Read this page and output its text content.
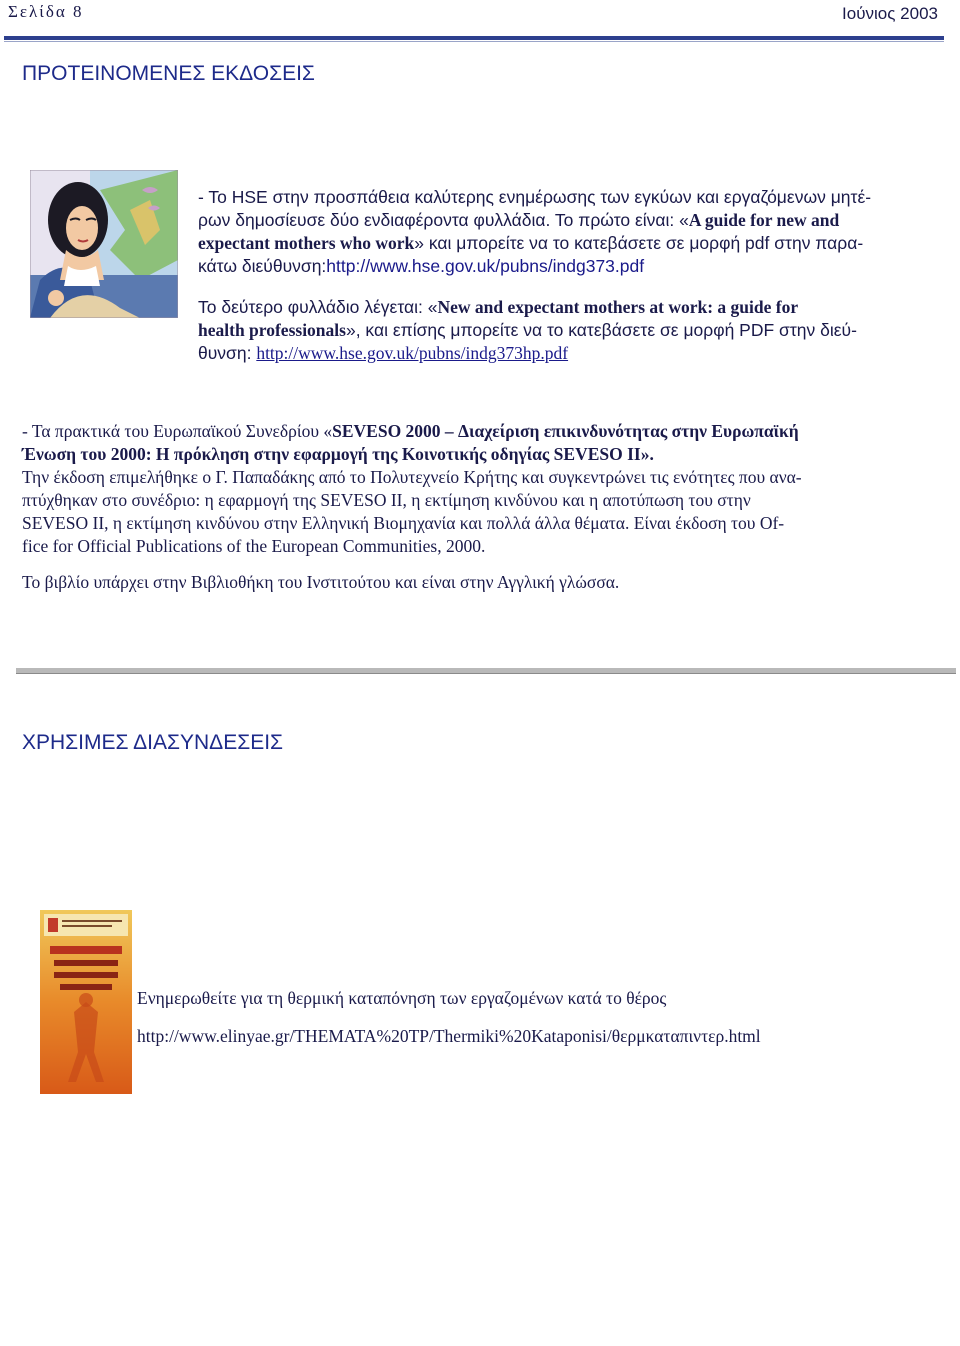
Σελίδα 8	Ιούνιος 2003
ΠΡΟΤΕΙΝΟΜΕΝΕΣ ΕΚΔΟΣΕΙΣ
- Το HSE στην προσπάθεια καλύτερης ενημέρωσης των εγκύων και εργαζόμενων μητέ-
ρων δημοσίευσε δύο ενδιαφέροντα φυλλάδια. Το πρώτο είναι: «A guide for new and
expectant mothers who work» και μπορείτε να το κατεβάσετε σε μορφή pdf στην παρα-
κάτω διεύθυνση:http://www.hse.gov.uk/pubns/indg373.pdf
Το δεύτερο φυλλάδιο λέγεται: «New and expectant mothers at work: a guide for
health professionals», και επίσης μπορείτε να το κατεβάσετε σε μορφή PDF στην διεύ-
θυνση: http://www.hse.gov.uk/pubns/indg373hp.pdf
- Τα πρακτικά του Ευρωπαϊκού Συνεδρίου «SEVESO 2000 – Διαχείριση επικινδυνότητας στην Ευρωπαϊκή
Ένωση του 2000: Η πρόκληση στην εφαρμογή της Κοινοτικής οδηγίας SEVESO II».
Την έκδοση επιμελήθηκε ο Γ. Παπαδάκης από το Πολυτεχνείο Κρήτης και συγκεντρώνει τις ενότητες που ανα-
πτύχθηκαν στο συνέδριο: η εφαρμογή της SEVESO II, η εκτίμηση κινδύνου και η αποτύπωση του στην
SEVESO II, η εκτίμηση κινδύνου στην Ελληνική Βιομηχανία και πολλά άλλα θέματα. Είναι έκδοση του Of-
fice for Official Publications of the European Communities, 2000.
Το βιβλίο υπάρχει στην Βιβλιοθήκη του Ινστιτούτου και είναι στην Αγγλική γλώσσα.
ΧΡΗΣΙΜΕΣ ΔΙΑΣΥΝΔΕΣΕΙΣ
Ενημερωθείτε για τη θερμική καταπόνηση των εργαζομένων κατά το θέρος
http://www.elinyae.gr/THEMATA%20TP/Thermiki%20Kataponisi/θερμκαταπιντερ.html
